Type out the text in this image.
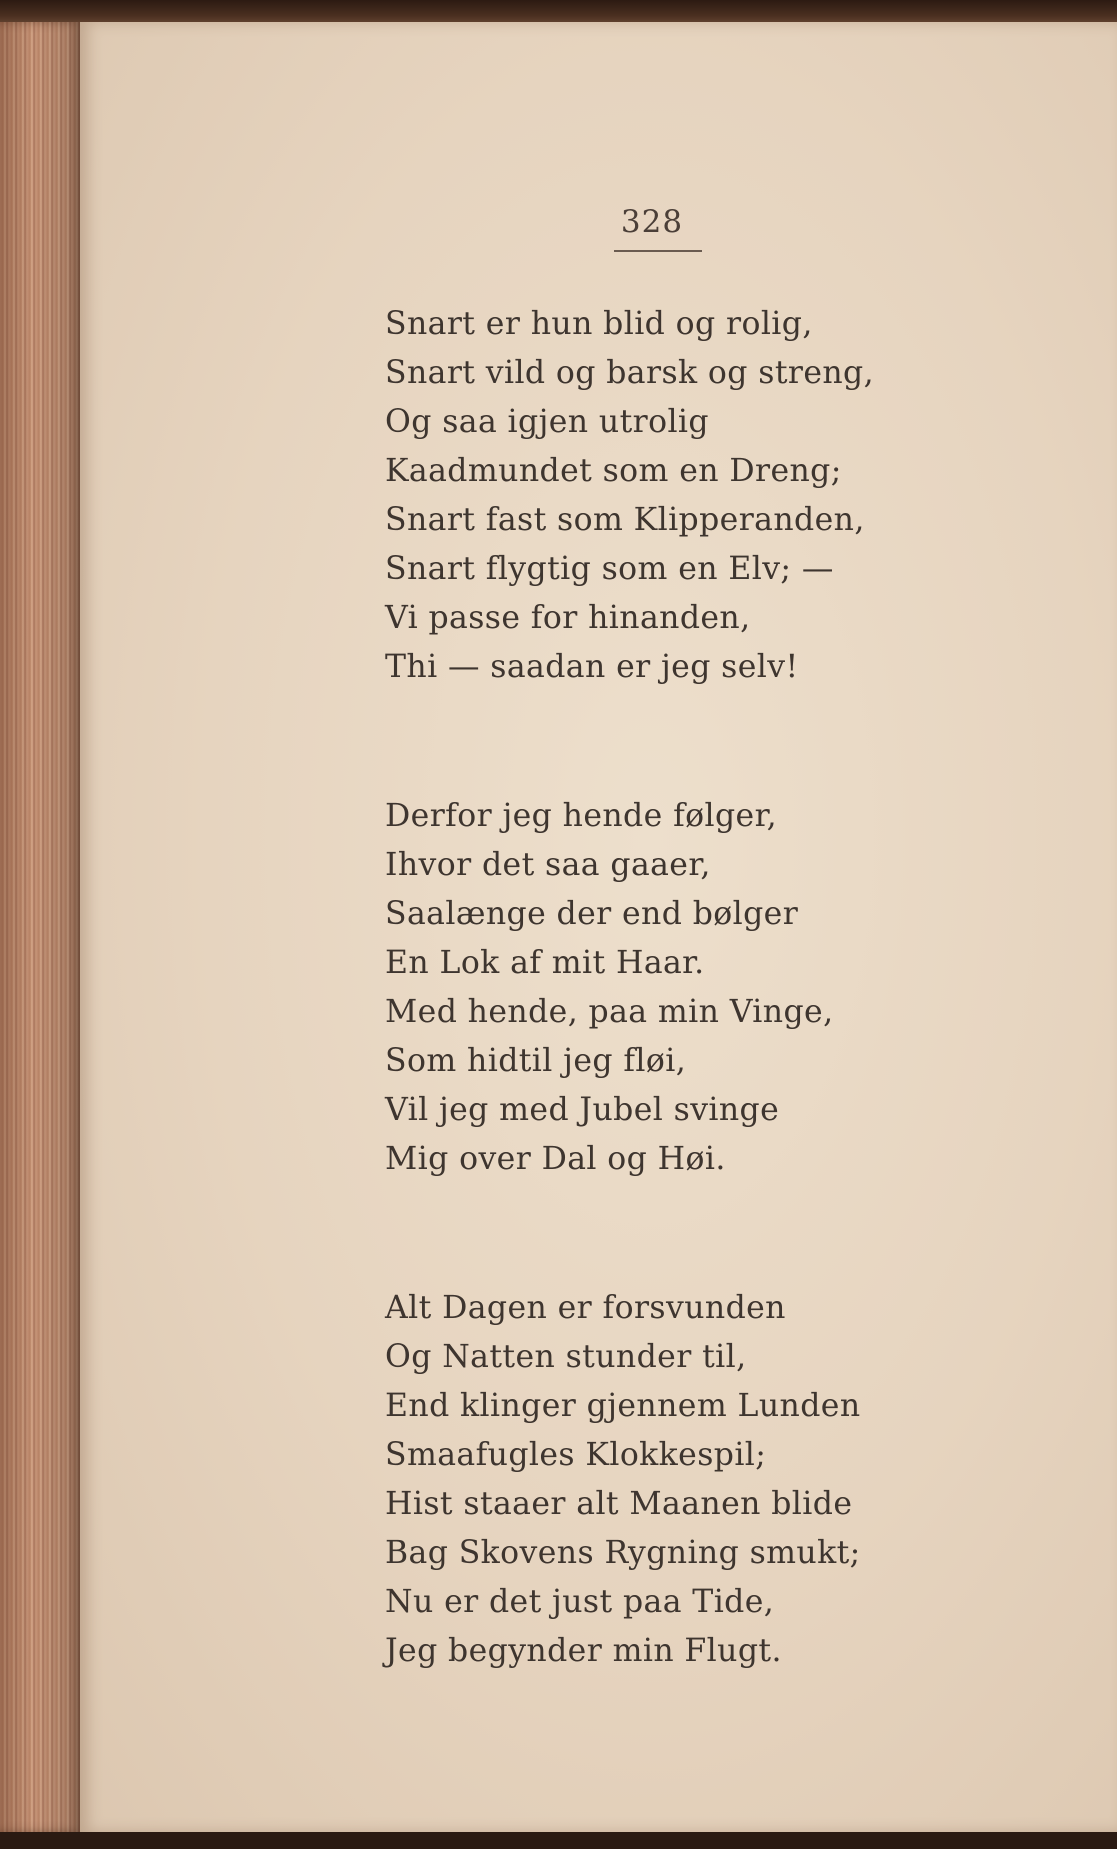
328

Snart er hun blid og rolig,
Snart vild og barsk og streng,
Og saa igjen utrolig
Kaadmundet som en Dreng;
Snart fast som Klipperanden,
Snart flygtig som en Elv; —
Vi passe for hinanden,
Thi — saadan er jeg selv!
Derfor jeg hende følger,
Ihvor det saa gaaer,
Saalænge der end bølger
En Lok af mit Haar.
Med hende, paa min Vinge,
Som hidtil jeg fløi,
Vil jeg med Jubel svinge
Mig over Dal og Høi.
Alt Dagen er forsvunden
Og Natten stunder til,
End klinger gjennem Lunden
Smaafugles Klokkespil;
Hist staaer alt Maanen blide
Bag Skovens Rygning smukt;
Nu er det just paa Tide,
Jeg begynder min Flugt.
